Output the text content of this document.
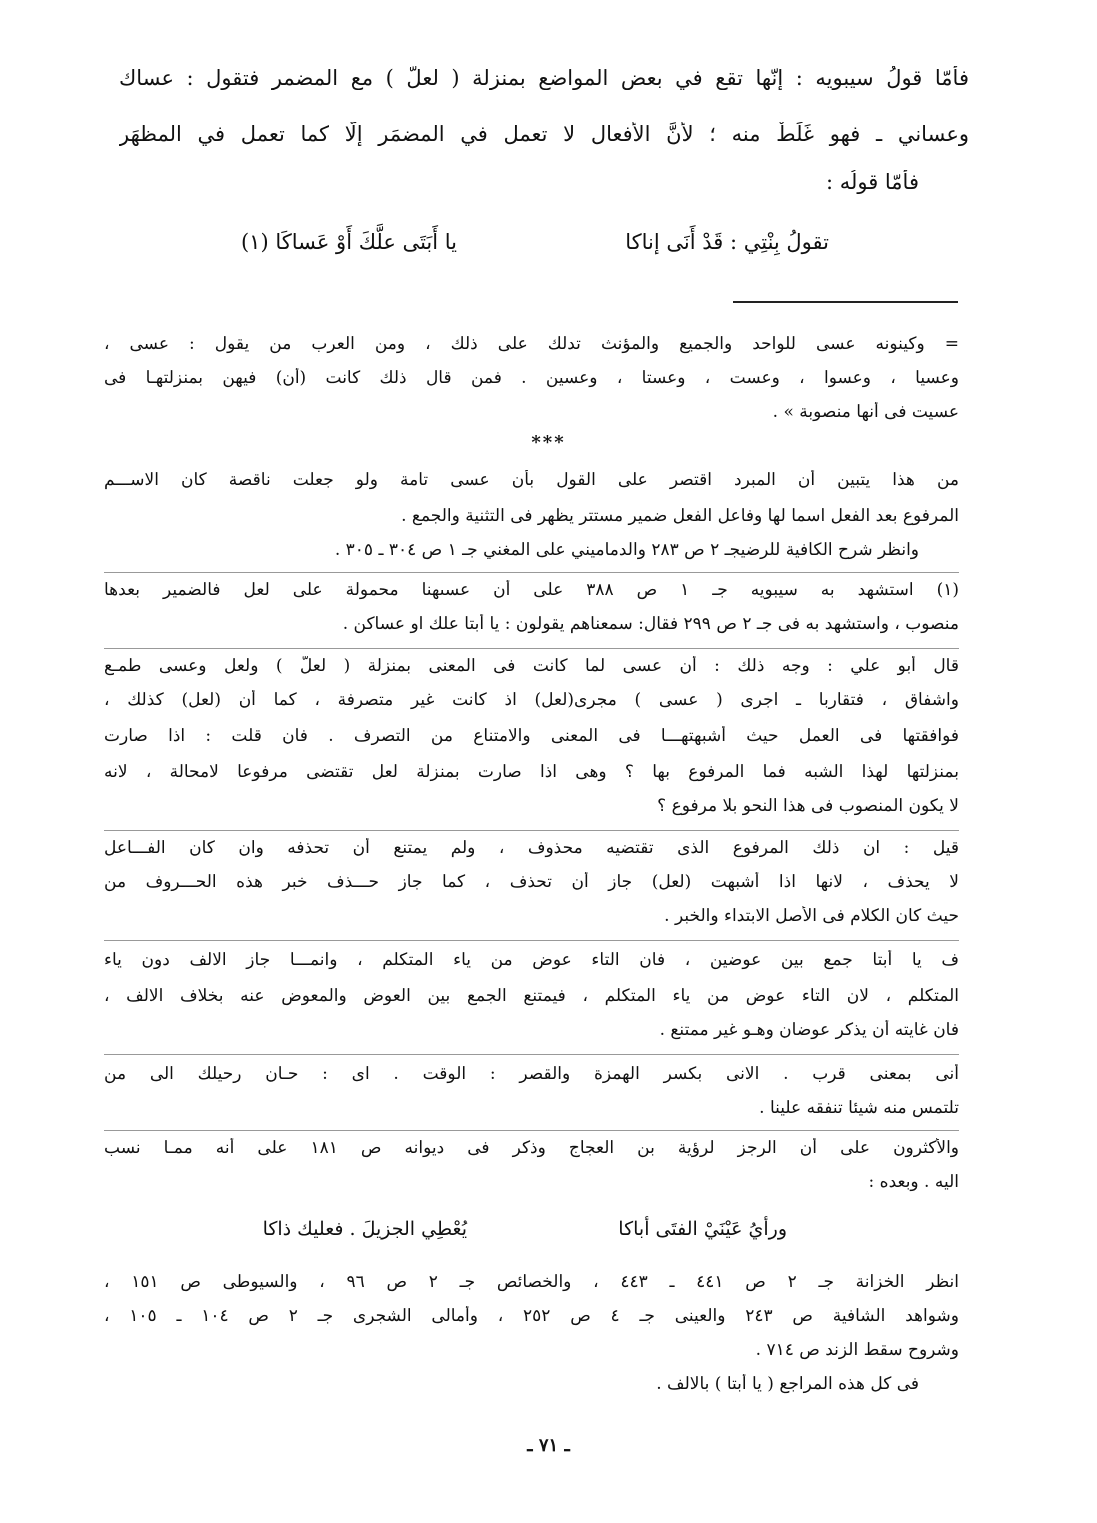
فأمّا قولُ سيبويه : إنّها تقع في بعض المواضع بمنزلة ( لعلَّ ) مع المضمر فتقول : عساك
وعساني ـ فهو غَلَطٌ منه ؛ لأنَّ الأفعال لا تعمل في المضمَر إلّا كما تعمل في المظهَر
فأمّا قولُه :
تقولُ بِنْتِي : قَدْ أَنَى إناكا
يا أَبَتَى علَّكَ أَوْ عَساكَا (١)
= وكينونه عسى للواحد والجميع والمؤنث تدلك على ذلك ، ومن العرب من يقول : عسى ،
وعسيا ، وعسوا ، وعست ، وعستا ، وعسين . فمن قال ذلك كانت (أن) فيهن بمنزلتهـا فى
عسيت فى أنها منصوبة » .
***
من هذا يتبين أن المبرد اقتصر على القول بأن عسى تامة ولو جعلت ناقصة كان الاســـم
المرفوع بعد الفعل اسما لها وفاعل الفعل ضمير مستتر يظهر فى التثنية والجمع .
وانظر شرح الكافية للرضيجـ ٢ ص ٢٨٣ والدماميني على المغني جـ ١ ص ٣٠٤ ـ ٣٠٥ .
(١) استشهد به سيبويه جـ ١ ص ٣٨٨ على أن عسىهنا محمولة على لعل فالضمير بعدها
منصوب ، واستشهد به فى جـ ٢ ص ٢٩٩ فقال: سمعناهم يقولون : يا أبتا علك او عساكن .
قال أبو علي : وجه ذلك : أن عسى لما كانت فى المعنى بمنزلة ( لعلّ ) ولعل وعسى طمـع
واشفاق ، فتقاربا ـ اجرى ( عسى ) مجرى(لعل) اذ كانت غير متصرفة ، كما أن (لعل) كذلك ،
فوافقتها فى العمل حيث أشبهتهـــا فى المعنى والامتناع من التصرف . فان قلت : اذا صارت
بمنزلتها لهذا الشبه فما المرفوع بها ؟ وهى اذا صارت بمنزلة لعل تقتضى مرفوعا لامحالة ، لانه
لا يكون المنصوب فى هذا النحو بلا مرفوع ؟
قيل : ان ذلك المرفوع الذى تقتضيه محذوف ، ولم يمتنع أن تحذفه وان كان الفـــاعل
لا يحذف ، لانها اذا أشبهت (لعل) جاز أن تحذف ، كما جاز حـــذف خبر هذه الحـــروف من
حيث كان الكلام فى الأصل الابتداء والخبر .
ف يا أبتا جمع بين عوضين ، فان التاء عوض من ياء المتكلم ، وانمـــا جاز الالف دون ياء
المتكلم ، لان التاء عوض من ياء المتكلم ، فيمتنع الجمع بين العوض والمعوض عنه بخلاف الالف ،
فان غايته أن يذكر عوضان وهـو غير ممتنع .
أنى بمعنى قرب . الانى بكسر الهمزة والقصر : الوقت . اى : حـان رحيلك الى من
تلتمس منه شيئا تنفقه علينا .
والأكثرون على أن الرجز لرؤية بن العجاج وذكر فى ديوانه ص ١٨١ على أنه ممـا نسب
اليه . وبعده :
ورأيُ عَيْنَيْ الفتَى أباكا
يُعْطِي الجزيلَ . فعليك ذاكا
انظر الخزانة جـ ٢ ص ٤٤١ ـ ٤٤٣ ، والخصائص جـ ٢ ص ٩٦ ، والسيوطى ص ١٥١ ،
وشواهد الشافية ص ٢٤٣ والعينى جـ ٤ ص ٢٥٢ ، وأمالى الشجرى جـ ٢ ص ١٠٤ ـ ١٠٥ ،
وشروح سقط الزند ص ٧١٤ .
فى كل هذه المراجع ( يا أبتا ) بالالف .
ـ ٧١ ـ
